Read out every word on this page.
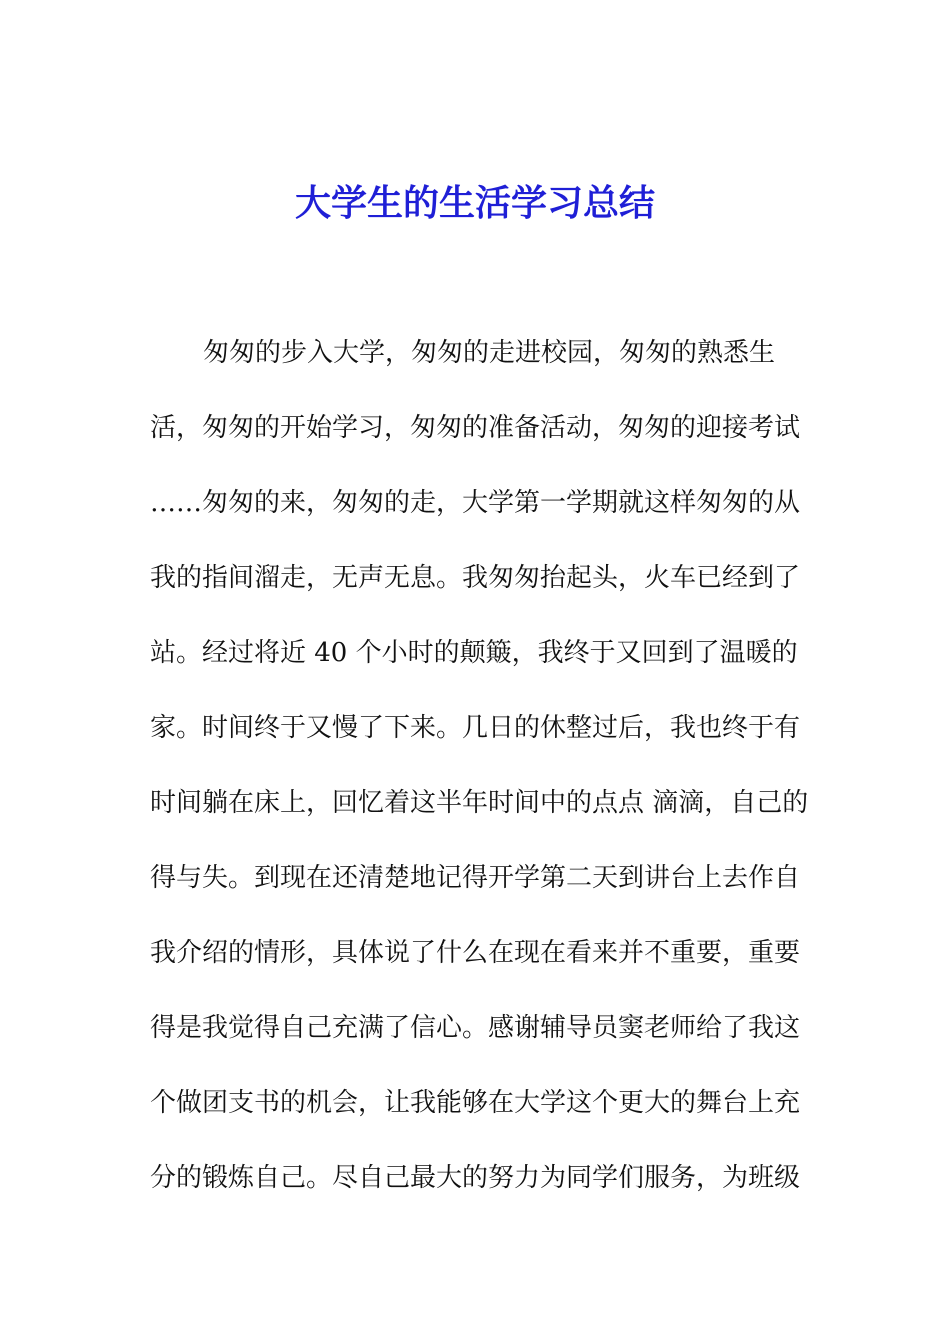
大学生的生活学习总结
匆匆的步入大学，匆匆的走进校园，匆匆的熟悉生
活，匆匆的开始学习，匆匆的准备活动，匆匆的迎接考试
……匆匆的来，匆匆的走，大学第一学期就这样匆匆的从
我的指间溜走，无声无息。我匆匆抬起头，火车已经到了
站。经过将近 40 个小时的颠簸，我终于又回到了温暖的
家。时间终于又慢了下来。几日的休整过后，我也终于有
时间躺在床上，回忆着这半年时间中的点点 滴滴，自己的
得与失。到现在还清楚地记得开学第二天到讲台上去作自
我介绍的情形，具体说了什么在现在看来并不重要，重要
得是我觉得自己充满了信心。感谢辅导员窦老师给了我这
个做团支书的机会，让我能够在大学这个更大的舞台上充
分的锻炼自己。尽自己最大的努力为同学们服务，为班级
